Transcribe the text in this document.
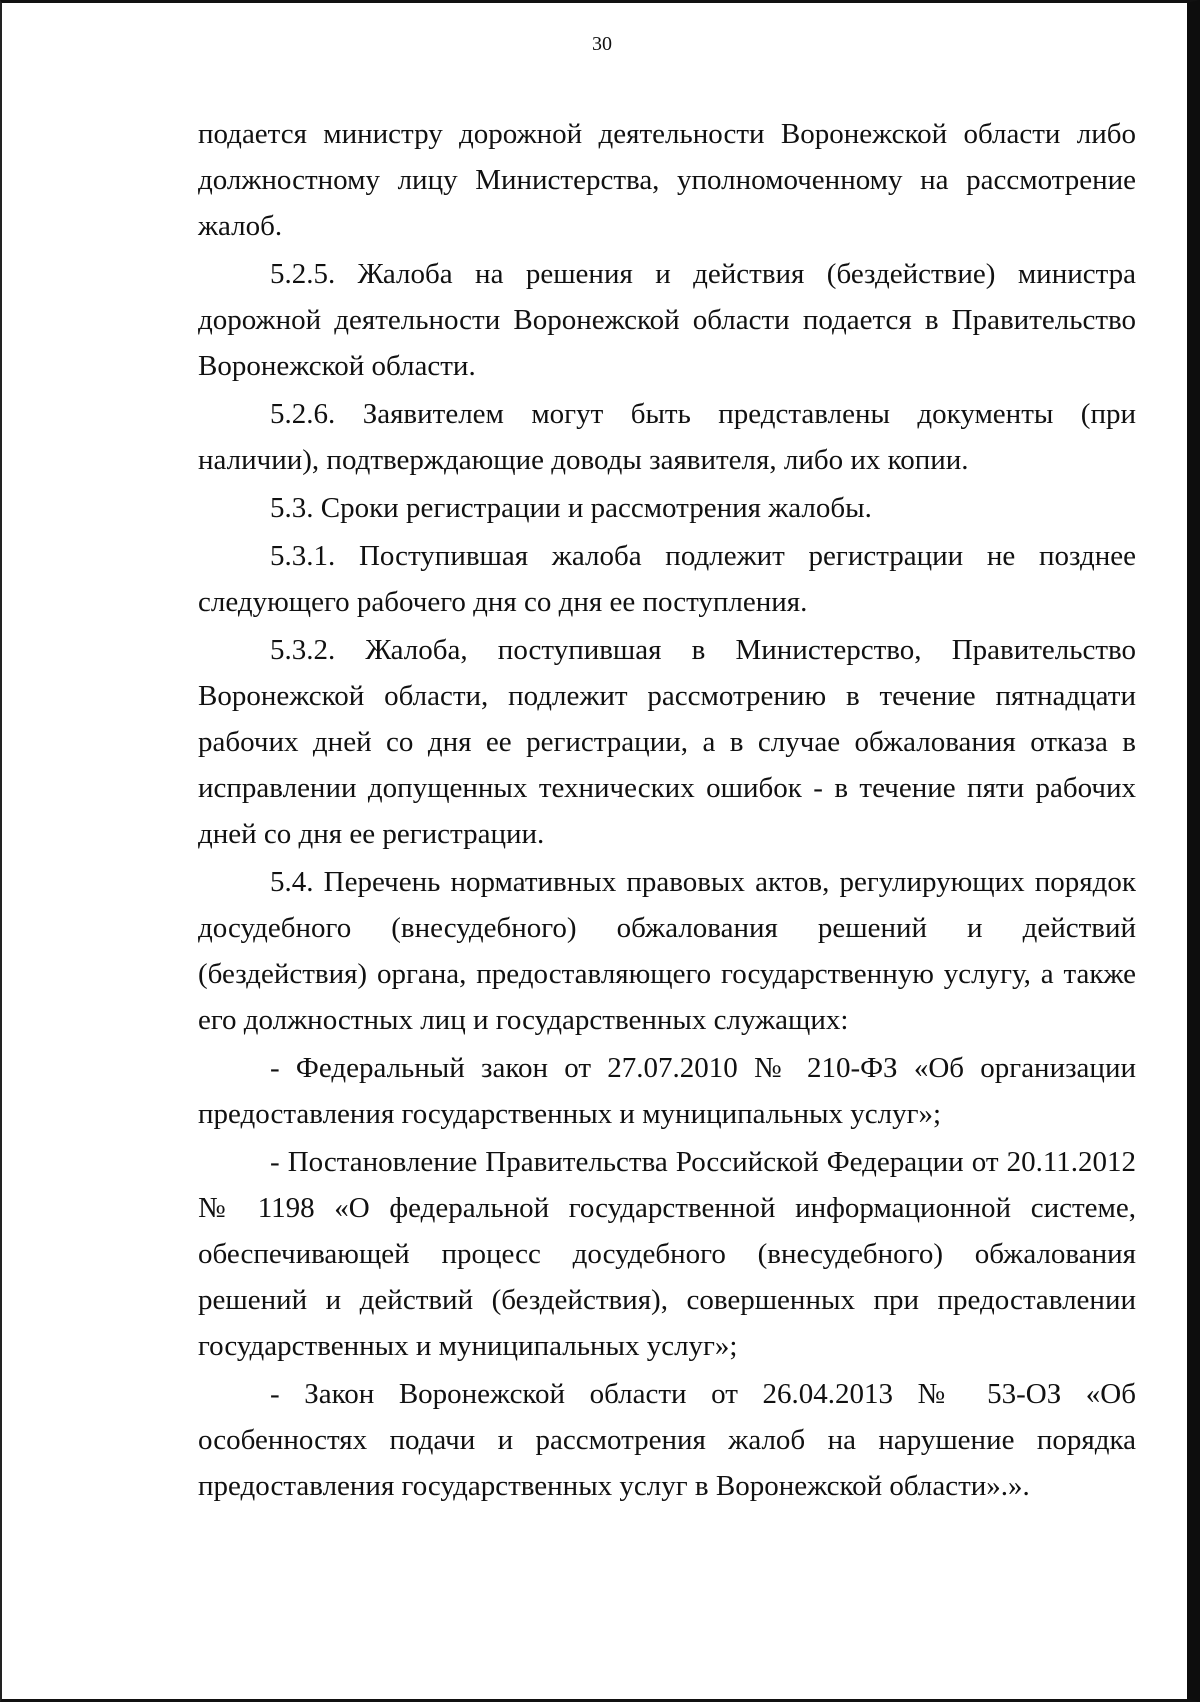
30

подается министру дорожной деятельности Воронежской области либо должностному лицу Министерства, уполномоченному на рассмотрение жалоб.

5.2.5. Жалоба на решения и действия (бездействие) министра дорожной деятельности Воронежской области подается в Правительство Воронежской области.

5.2.6. Заявителем могут быть представлены документы (при наличии), подтверждающие доводы заявителя, либо их копии.

5.3. Сроки регистрации и рассмотрения жалобы.

5.3.1. Поступившая жалоба подлежит регистрации не позднее следующего рабочего дня со дня ее поступления.

5.3.2. Жалоба, поступившая в Министерство, Правительство Воронежской области, подлежит рассмотрению в течение пятнадцати рабочих дней со дня ее регистрации, а в случае обжалования отказа в исправлении допущенных технических ошибок - в течение пяти рабочих дней со дня ее регистрации.

5.4. Перечень нормативных правовых актов, регулирующих порядок досудебного (внесудебного) обжалования решений и действий (бездействия) органа, предоставляющего государственную услугу, а также его должностных лиц и государственных служащих:

- Федеральный закон от 27.07.2010 № 210-ФЗ «Об организации предоставления государственных и муниципальных услуг»;

- Постановление Правительства Российской Федерации от 20.11.2012 № 1198 «О федеральной государственной информационной системе, обеспечивающей процесс досудебного (внесудебного) обжалования решений и действий (бездействия), совершенных при предоставлении государственных и муниципальных услуг»;

- Закон Воронежской области от 26.04.2013 № 53-ОЗ «Об особенностях подачи и рассмотрения жалоб на нарушение порядка предоставления государственных услуг в Воронежской области».».
